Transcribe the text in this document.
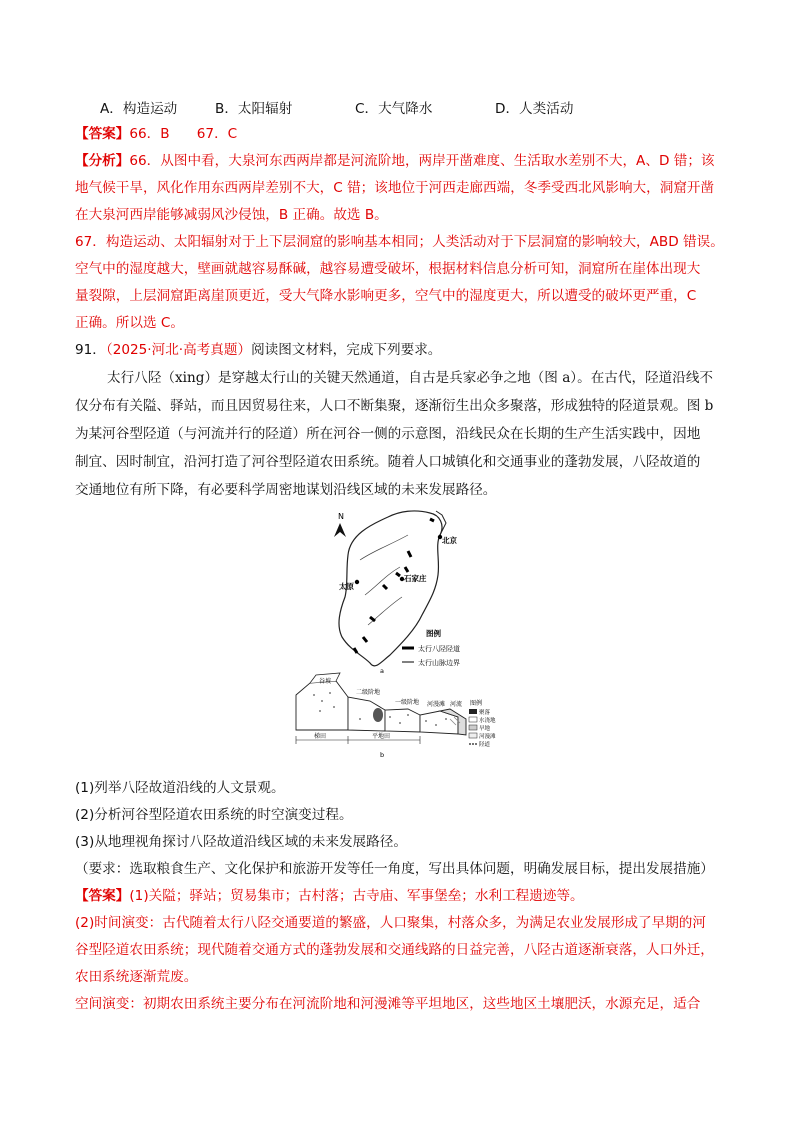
A．构造运动	B．太阳辐射	C．大气降水	D．人类活动
【答案】66．B　　67．C
【分析】66．从图中看，大泉河东西两岸都是河流阶地，两岸开凿难度、生活取水差别不大，A、D 错；该
地气候干旱，风化作用东西两岸差别不大，C 错；该地位于河西走廊西端，冬季受西北风影响大，洞窟开凿
在大泉河西岸能够减弱风沙侵蚀，B 正确。故选 B。
67．构造运动、太阳辐射对于上下层洞窟的影响基本相同；人类活动对于下层洞窟的影响较大，ABD 错误。
空气中的湿度越大，壁画就越容易酥碱，越容易遭受破坏，根据材料信息分析可知，洞窟所在崖体出现大
量裂隙，上层洞窟距离崖顶更近，受大气降水影响更多，空气中的湿度更大，所以遭受的破坏更严重，C
正确。所以选 C。
91．（2025·河北·高考真题）阅读图文材料，完成下列要求。
太行八陉（xing）是穿越太行山的关键天然通道，自古是兵家必争之地（图 a）。在古代，陉道沿线不
仅分布有关隘、驿站，而且因贸易往来，人口不断集聚，逐渐衍生出众多聚落，形成独特的陉道景观。图 b
为某河谷型陉道（与河流并行的陉道）所在河谷一侧的示意图，沿线民众在长期的生产生活实践中，因地
制宜、因时制宜，沿河打造了河谷型陉道农田系统。随着人口城镇化和交通事业的蓬勃发展，八陉故道的
交通地位有所下降，有必要科学周密地谋划沿线区域的未来发展路径。
N
北京
太原
石家庄
图例
太行八陉陉道
太行山脉边界
a
谷坡
二级阶地
一级阶地 河漫滩 河流 图例
聚落
水浇地
旱地
河漫滩
陉道
梯田	平地田
b
(1)列举八陉故道沿线的人文景观。
(2)分析河谷型陉道农田系统的时空演变过程。
(3)从地理视角探讨八陉故道沿线区域的未来发展路径。
（要求：选取粮食生产、文化保护和旅游开发等任一角度，写出具体问题，明确发展目标，提出发展措施）
【答案】(1)关隘；驿站；贸易集市；古村落；古寺庙、军事堡垒；水利工程遗迹等。
(2)时间演变：古代随着太行八陉交通要道的繁盛，人口聚集，村落众多，为满足农业发展形成了早期的河
谷型陉道农田系统；现代随着交通方式的蓬勃发展和交通线路的日益完善，八陉古道逐渐衰落，人口外迁，
农田系统逐渐荒废。
空间演变：初期农田系统主要分布在河流阶地和河漫滩等平坦地区，这些地区土壤肥沃，水源充足，适合
